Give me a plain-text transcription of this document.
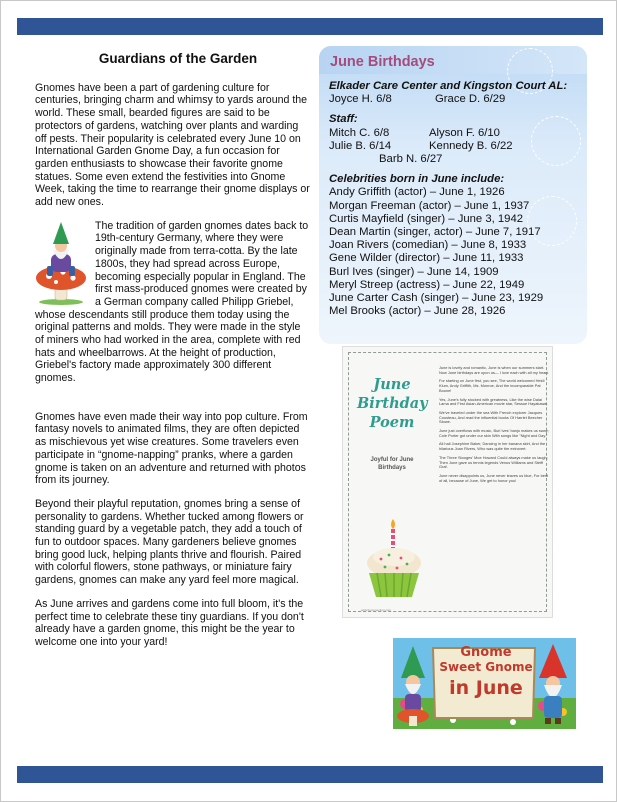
Guardians of the Garden

Gnomes have been a part of gardening culture for centuries, bringing charm and whimsy to yards around the world. These small, bearded figures are said to be protectors of gardens, watching over plants and warding off pests. Their popularity is celebrated every June 10 on International Garden Gnome Day, a fun occasion for garden enthusiasts to showcase their favorite gnome statues. Some even extend the festivities into Gnome Week, taking the time to rearrange their gnome displays or add new ones.

The tradition of garden gnomes dates back to 19th-century Germany, where they were originally made from terra-cotta. By the late 1800s, they had spread across Europe, becoming especially popular in England. The first mass-produced gnomes were created by a German company called Philipp Griebel, whose descendants still produce them today using the original patterns and molds. They were made in the style of miners who had worked in the area, complete with red hats and wheelbarrows. At the height of production, Griebel's factory made approximately 300 different gnomes.

Gnomes have even made their way into pop culture. From fantasy novels to animated films, they are often depicted as mischievous yet wise creatures. Some travelers even participate in “gnome-napping” pranks, where a garden gnome is taken on an adventure and returned with photos from its journey.

Beyond their playful reputation, gnomes bring a sense of personality to gardens. Whether tucked among flowers or standing guard by a vegetable patch, they add a touch of fun to outdoor spaces. Many gardeners believe gnomes bring good luck, helping plants thrive and flourish. Paired with colorful flowers, stone pathways, or miniature fairy gardens, gnomes can make any yard feel more magical.

As June arrives and gardens come into full bloom, it's the perfect time to celebrate these tiny guardians. If you don't already have a garden gnome, this might be the year to welcome one into your yard!

June Birthdays
Elkader Care Center and Kingston Court AL:
Joyce H. 6/8	Grace D. 6/29
Staff:
Mitch C. 6/8	Alyson F. 6/10
Julie B. 6/14	Kennedy B. 6/22
Barb N. 6/27
Celebrities born in June include:
Andy Griffith (actor) – June 1, 1926
Morgan Freeman (actor) – June 1, 1937
Curtis Mayfield (singer) – June 3, 1942
Dean Martin (singer, actor) – June 7, 1917
Joan Rivers (comedian) – June 8, 1933
Gene Wilder (director) – June 11, 1933
Burl Ives (singer) – June 14, 1909
Meryl Streep (actress) – June 22, 1949
June Carter Cash (singer) – June 23, 1929
Mel Brooks (actor) – June 28, 1926
June Birthday Poem
Joyful for June Birthdays
June is lovely and romantic, June is when our summers start. Now June birthdays are upon us— I love each with all my heart.
For starting on June first, you see, The world welcomed Heidi Klum, Andy Griffith, Ms. Monroe, And the incomparable Pat Boone!
Yes, June's fully stocked with greatness, Like the wise Dalai Lama and First Asian-American movie star, Sessue Hayakawa.
We've traveled under the sea With French explorer Jacques Cousteau, And read the influential books Of Harriet Beecher Stowe.
June just overflows with music, Burl Ives' banjo makes us sway; Cole Porter got under our skin With songs like "Night and Day."
All hail Josephine Baker, Dancing in her banana skirt, And the hilarious Joan Rivers, Who was quite the extrovert.
The Three Stooges' Moe Howard Could always make us laugh; Then June gave us tennis legends Venus Williams and Steffi Graf.
June never disappoints us, June never leaves us blue, For best of all, because of June, We get to honor you!
activityconnection.com
Gnome
Sweet Gnome
in June
